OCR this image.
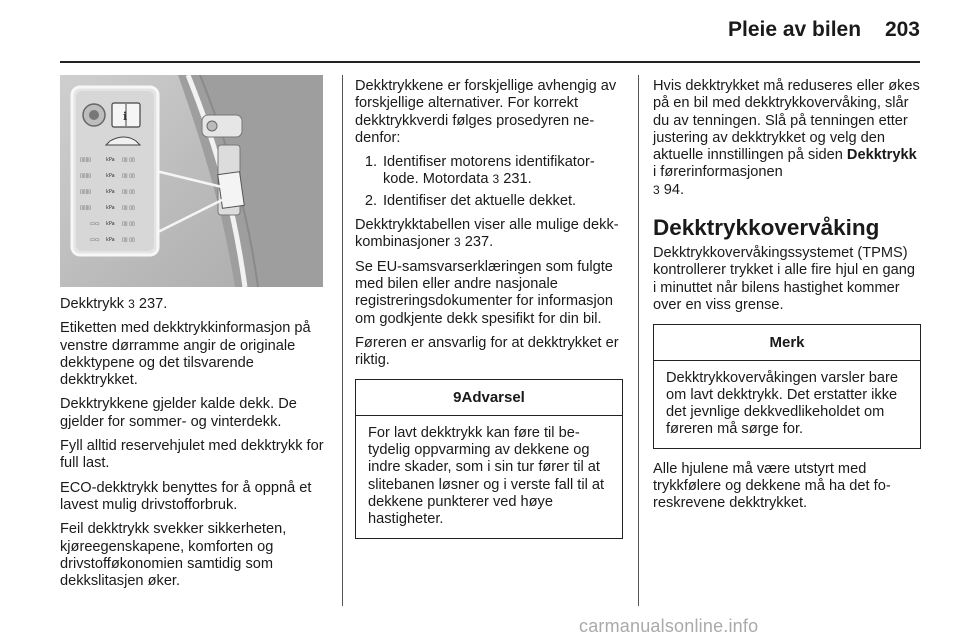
Pleie av bilen	203
i
▯▯▯▯	kPa ▯▯ ▯▯
▯▯▯▯	kPa ▯▯ ▯▯
▯▯▯▯	kPa ▯▯ ▯▯
▯▯▯▯	kPa ▯▯ ▯▯
▭▭ kPa ▯▯ ▯▯
▭▭ kPa ▯▯ ▯▯

Dekktrykk 3 237.

Etiketten med dekktrykkinformasjon på venstre dørramme angir de originale dekktypene og det tilsvarende dekktrykket.

Dekktrykkene gjelder kalde dekk. De gjelder for sommer- og vinterdekk.

Fyll alltid reservehjulet med dekktrykk for full last.

ECO-dekktrykk benyttes for å oppnå et lavest mulig drivstofforbruk.

Feil dekktrykk svekker sikkerheten, kjøreegenskapene, komforten og drivstofføkonomien samtidig som dekkslitasjen øker.

Dekktrykkene er forskjellige avhengig av forskjellige alternativer. For korrekt dekktrykkverdi følges prosedyren nedenfor:

1. Identifiser motorens identifikatorkode. Motordata 3 231.
2. Identifiser det aktuelle dekket.

Dekktrykktabellen viser alle mulige dekk-kombinasjoner 3 237.

Se EU-samsvarserklæringen som fulgte med bilen eller andre nasjonale registreringsdokumenter for informasjon om godkjente dekk spesifikt for din bil.

Føreren er ansvarlig for at dekktrykket er riktig.

9Advarsel
For lavt dekktrykk kan føre til betydelig oppvarming av dekkene og indre skader, som i sin tur fører til at slitebanen løsner og i verste fall til at dekkene punkterer ved høye hastigheter.

Hvis dekktrykket må reduseres eller økes på en bil med dekktrykkovervåking, slår du av tenningen. Slå på tenningen etter justering av dekktrykket og velg den aktuelle innstillingen på siden Dekktrykk i førerinformasjonen
3 94.

Dekktrykkovervåking

Dekktrykkovervåkingssystemet (TPMS) kontrollerer trykket i alle fire hjul en gang i minuttet når bilens hastighet kommer over en viss grense.

Merk
Dekktrykkovervåkingen varsler bare om lavt dekktrykk. Det erstatter ikke det jevnlige dekkvedlikeholdet om føreren må sørge for.

Alle hjulene må være utstyrt med trykkfølere og dekkene må ha det foreskrevene dekktrykket.

carmanualsonline.info
